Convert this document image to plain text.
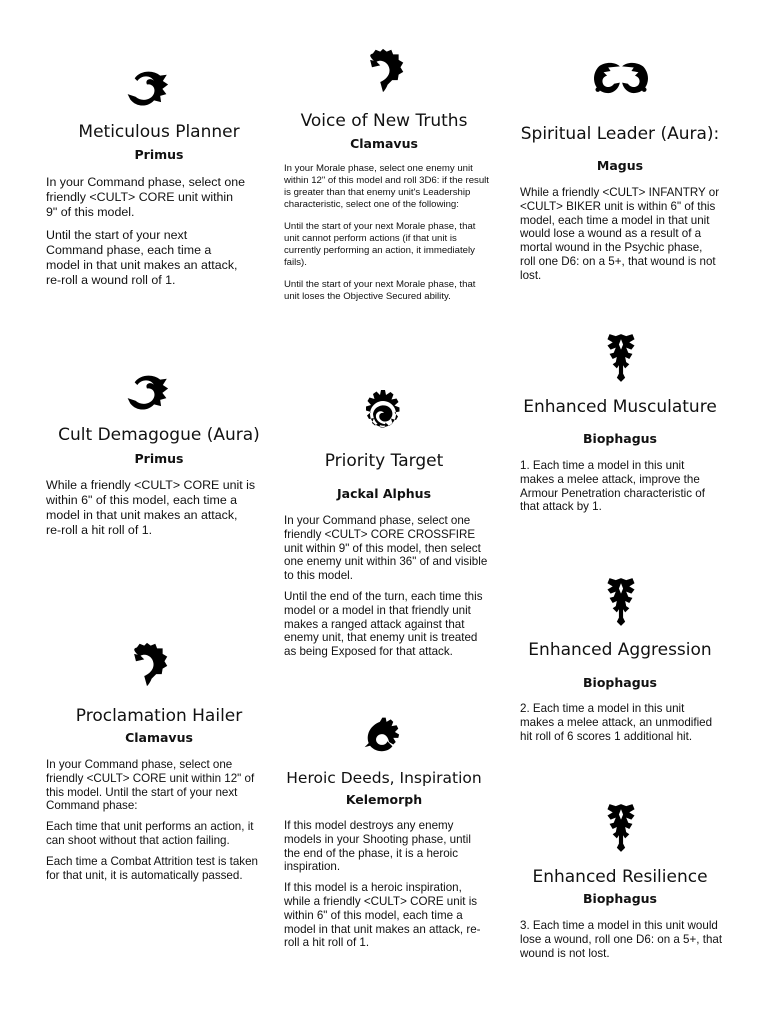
Meticulous Planner
Primus

In your Command phase, select one friendly <CULT> CORE unit within 9" of this model.

Until the start of your next Command phase, each time a model in that unit makes an attack, re-roll a wound roll of 1.

Voice of New Truths
Clamavus

In your Morale phase, select one enemy unit within 12" of this model and roll 3D6: if the result is greater than that enemy unit's Leadership characteristic, select one of the following:

Until the start of your next Morale phase, that unit cannot perform actions (if that unit is currently performing an action, it immediately fails).

Until the start of your next Morale phase, that unit loses the Objective Secured ability.

Spiritual Leader (Aura):
Magus

While a friendly <CULT> INFANTRY or <CULT> BIKER unit is within 6" of this model, each time a model in that unit would lose a wound as a result of a mortal wound in the Psychic phase, roll one D6: on a 5+, that wound is not lost.

Cult Demagogue (Aura)
Primus

While a friendly <CULT> CORE unit is within 6" of this model, each time a model in that unit makes an attack, re-roll a hit roll of 1.

Priority Target
Jackal Alphus

In your Command phase, select one friendly <CULT> CORE CROSSFIRE unit within 9" of this model, then select one enemy unit within 36" of and visible to this model.

Until the end of the turn, each time this model or a model in that friendly unit makes a ranged attack against that enemy unit, that enemy unit is treated as being Exposed for that attack.

Enhanced Musculature
Biophagus

1. Each time a model in this unit makes a melee attack, improve the Armour Penetration characteristic of that attack by 1.

Proclamation Hailer
Clamavus

In your Command phase, select one friendly <CULT> CORE unit within 12" of this model. Until the start of your next Command phase:

Each time that unit performs an action, it can shoot without that action failing.

Each time a Combat Attrition test is taken for that unit, it is automatically passed.

Heroic Deeds, Inspiration
Kelemorph

If this model destroys any enemy models in your Shooting phase, until the end of the phase, it is a heroic inspiration.

If this model is a heroic inspiration, while a friendly <CULT> CORE unit is within 6" of this model, each time a model in that unit makes an attack, re-roll a hit roll of 1.

Enhanced Aggression
Biophagus

2. Each time a model in this unit makes a melee attack, an unmodified hit roll of 6 scores 1 additional hit.

Enhanced Resilience
Biophagus

3. Each time a model in this unit would lose a wound, roll one D6: on a 5+, that wound is not lost.
